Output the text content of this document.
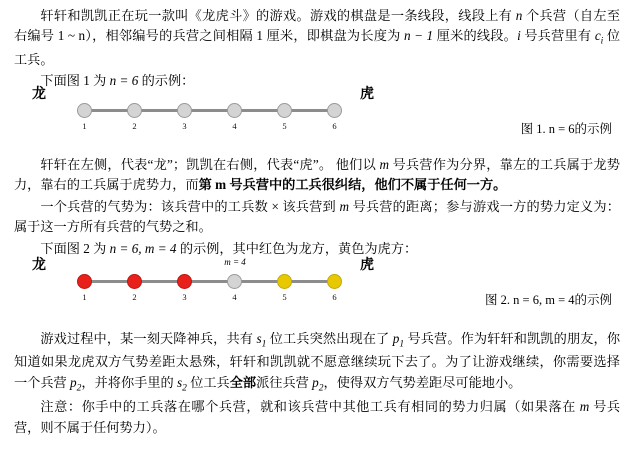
轩轩和凯凯正在玩一款叫《龙虎斗》的游戏。游戏的棋盘是一条线段，线段上有 n 个兵营（自左至右编号 1 ~ n），相邻编号的兵营之间相隔 1 厘米，即棋盘为长度为 n − 1 厘米的线段。i 号兵营里有 $c_i$ 位工兵。

下面图 1 为 n = 6 的示例：

龙	虎
1	2	3	4	5	6	图 1. n = 6的示例

轩轩在左侧，代表“龙”；凯凯在右侧，代表“虎”。 他们以 m 号兵营作为分界，靠左的工兵属于龙势力，靠右的工兵属于虎势力，而第 m 号兵营中的工兵很纠结，他们不属于任何一方。

一个兵营的气势为：该兵营中的工兵数 × 该兵营到 m 号兵营的距离；参与游戏一方的势力定义为：属于这一方所有兵营的气势之和。

下面图 2 为 n = 6, m = 4 的示例，其中红色为龙方，黄色为虎方：

龙	虎
m = 4
1	2	3	4	5	6	图 2. n = 6, m = 4的示例

游戏过程中，某一刻天降神兵，共有 $s_1$ 位工兵突然出现在了 $p_1$ 号兵营。作为轩轩和凯凯的朋友，你知道如果龙虎双方气势差距太悬殊，轩轩和凯凯就不愿意继续玩下去了。为了让游戏继续，你需要选择一个兵营 $p_2$，并将你手里的 $s_2$ 位工兵全部派往兵营 $p_2$，使得双方气势差距尽可能地小。

注意：你手中的工兵落在哪个兵营，就和该兵营中其他工兵有相同的势力归属（如果落在 m 号兵营，则不属于任何势力）。
